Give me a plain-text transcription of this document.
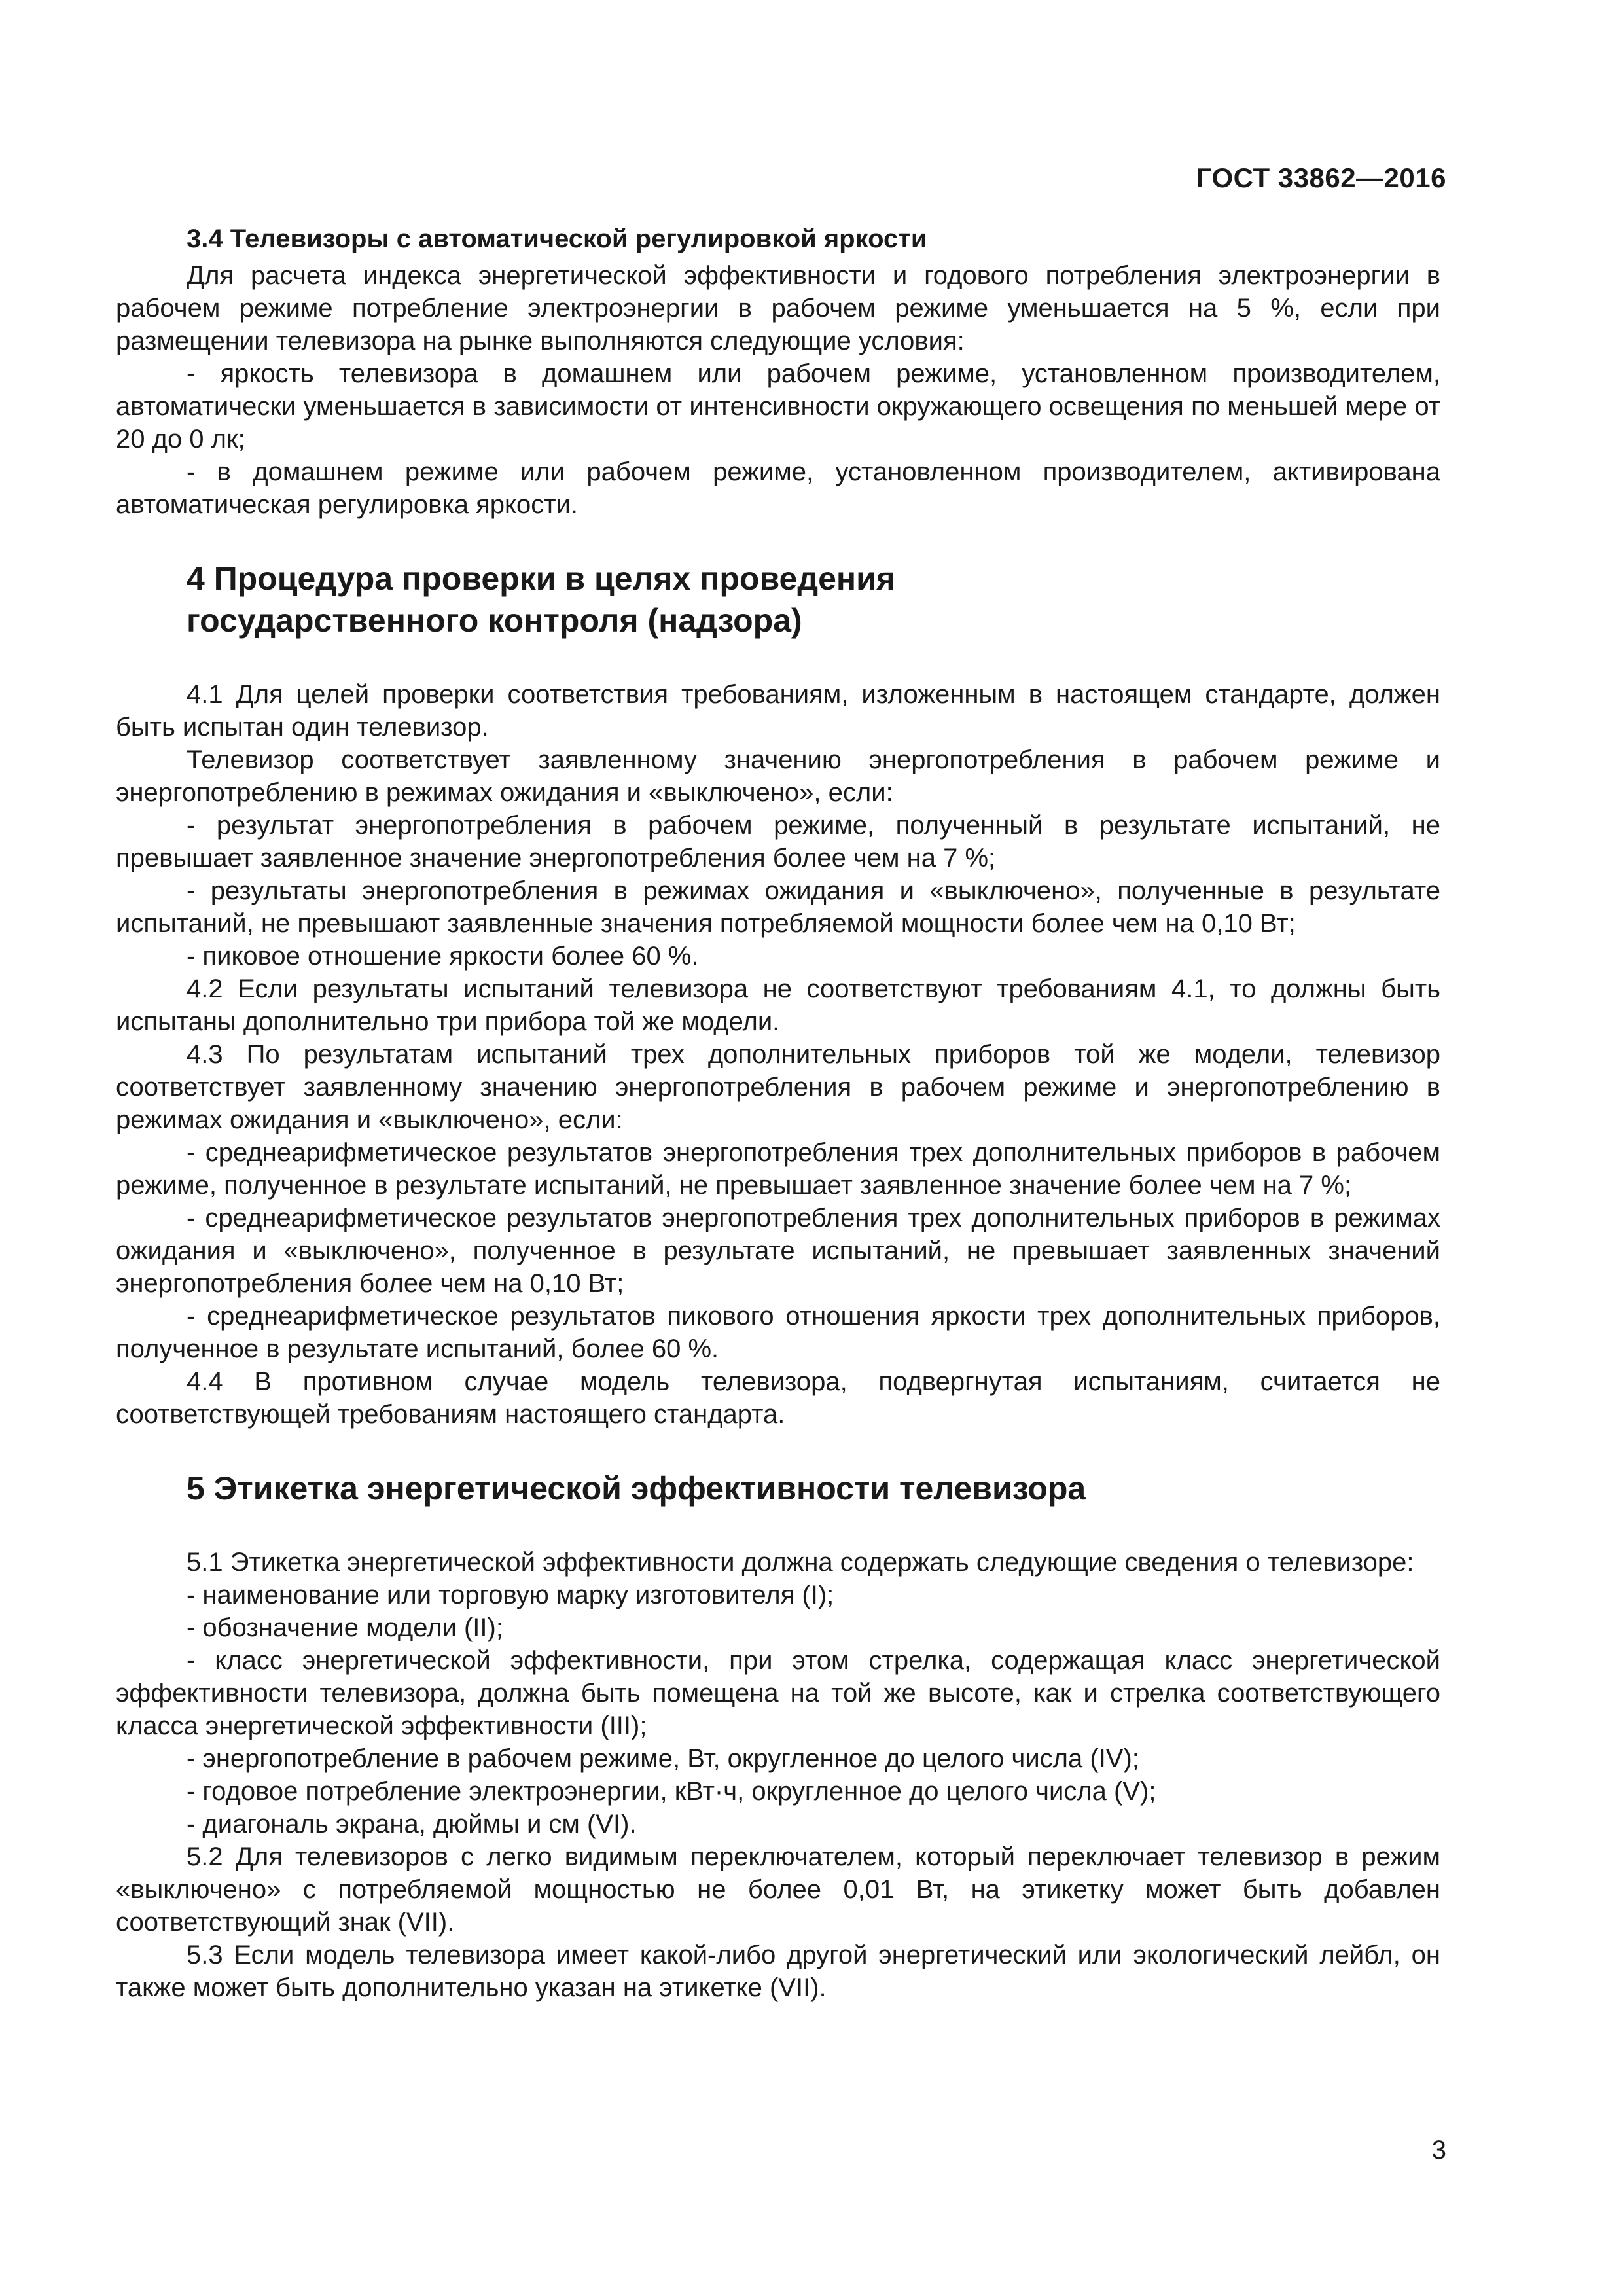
ГОСТ 33862—2016
3.4 Телевизоры с автоматической регулировкой яркости

Для расчета индекса энергетической эффективности и годового потребления электроэнергии в рабочем режиме потребление электроэнергии в рабочем режиме уменьшается на 5 %, если при размещении телевизора на рынке выполняются следующие условия:

- яркость телевизора в домашнем или рабочем режиме, установленном производителем, автоматически уменьшается в зависимости от интенсивности окружающего освещения по меньшей мере от 20 до 0 лк;

- в домашнем режиме или рабочем режиме, установленном производителем, активирована автоматическая регулировка яркости.

4 Процедура проверки в целях проведения
государственного контроля (надзора)

4.1 Для целей проверки соответствия требованиям, изложенным в настоящем стандарте, должен быть испытан один телевизор.

Телевизор соответствует заявленному значению энергопотребления в рабочем режиме и энергопотреблению в режимах ожидания и «выключено», если:

- результат энергопотребления в рабочем режиме, полученный в результате испытаний, не превышает заявленное значение энергопотребления более чем на 7 %;

- результаты энергопотребления в режимах ожидания и «выключено», полученные в результате испытаний, не превышают заявленные значения потребляемой мощности более чем на 0,10 Вт;

- пиковое отношение яркости более 60 %.

4.2 Если результаты испытаний телевизора не соответствуют требованиям 4.1, то должны быть испытаны дополнительно три прибора той же модели.

4.3 По результатам испытаний трех дополнительных приборов той же модели, телевизор соответствует заявленному значению энергопотребления в рабочем режиме и энергопотреблению в режимах ожидания и «выключено», если:

- среднеарифметическое результатов энергопотребления трех дополнительных приборов в рабочем режиме, полученное в результате испытаний, не превышает заявленное значение более чем на 7 %;

- среднеарифметическое результатов энергопотребления трех дополнительных приборов в режимах ожидания и «выключено», полученное в результате испытаний, не превышает заявленных значений энергопотребления более чем на 0,10 Вт;

- среднеарифметическое результатов пикового отношения яркости трех дополнительных приборов, полученное в результате испытаний, более 60 %.

4.4 В противном случае модель телевизора, подвергнутая испытаниям, считается не соответствующей требованиям настоящего стандарта.

5 Этикетка энергетической эффективности телевизора

5.1 Этикетка энергетической эффективности должна содержать следующие сведения о телевизоре:

- наименование или торговую марку изготовителя (I);

- обозначение модели (II);

- класс энергетической эффективности, при этом стрелка, содержащая класс энергетической эффективности телевизора, должна быть помещена на той же высоте, как и стрелка соответствующего класса энергетической эффективности (III);

- энергопотребление в рабочем режиме, Вт, округленное до целого числа (IV);

- годовое потребление электроэнергии, кВт·ч, округленное до целого числа (V);

- диагональ экрана, дюймы и см (VI).

5.2 Для телевизоров с легко видимым переключателем, который переключает телевизор в режим «выключено» с потребляемой мощностью не более 0,01 Вт, на этикетку может быть добавлен соответствующий знак (VII).

5.3 Если модель телевизора имеет какой-либо другой энергетический или экологический лейбл, он также может быть дополнительно указан на этикетке (VII).

3
